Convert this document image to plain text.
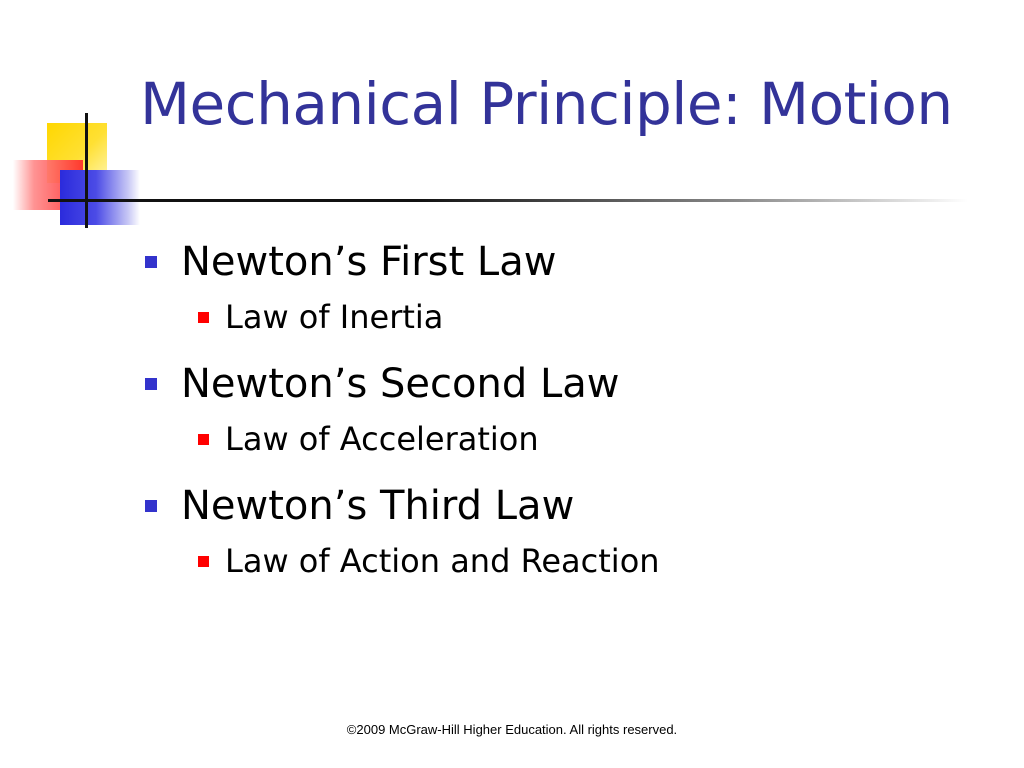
Mechanical Principle: Motion
Newton’s First Law
Law of Inertia
Newton’s Second Law
Law of Acceleration
Newton’s Third Law
Law of Action and Reaction
©2009 McGraw-Hill Higher Education. All rights reserved.
